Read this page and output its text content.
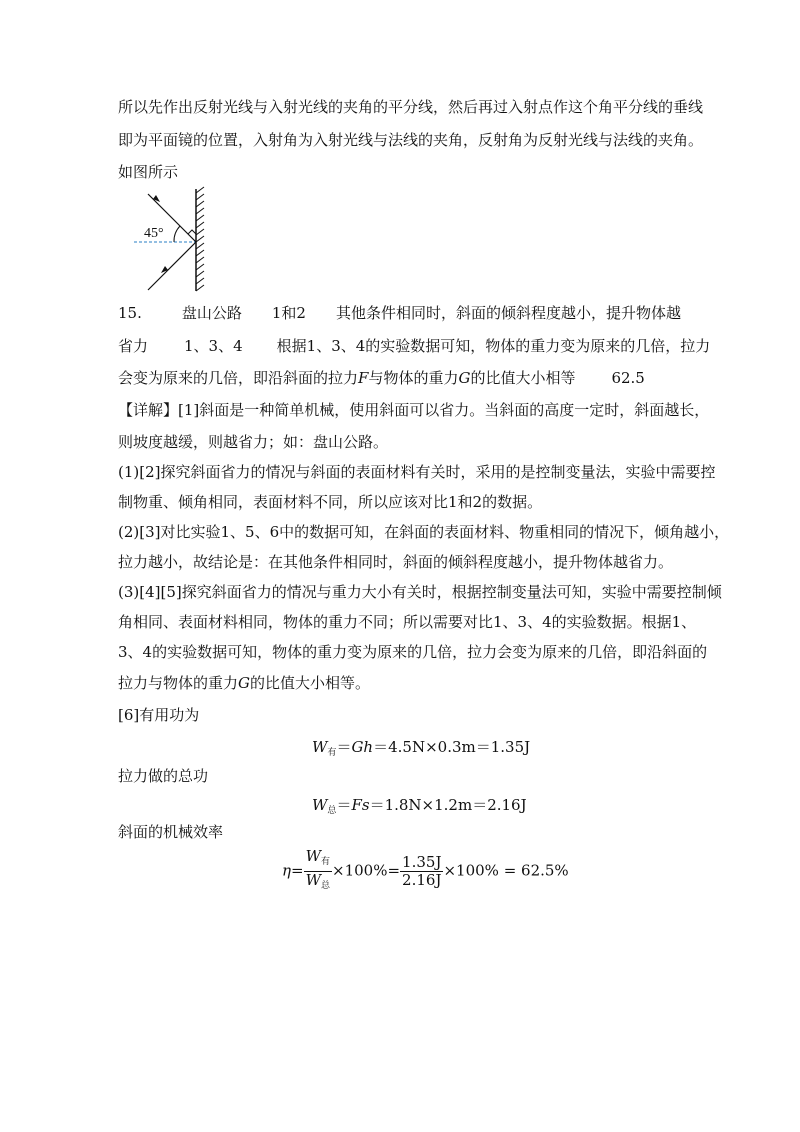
所以先作出反射光线与入射光线的夹角的平分线，然后再过入射点作这个角平分线的垂线
即为平面镜的位置，入射角为入射光线与法线的夹角，反射角为反射光线与法线的夹角。
如图所示
45°
15.	盘山公路 1和2 其他条件相同时，斜面的倾斜程度越小，提升物体越
省力 1、3、4 根据1、3、4的实验数据可知，物体的重力变为原来的几倍，拉力
会变为原来的几倍，即沿斜面的拉力F与物体的重力G的比值大小相等 62.5
【详解】[1]斜面是一种简单机械，使用斜面可以省力。当斜面的高度一定时，斜面越长，
则坡度越缓，则越省力；如：盘山公路。
(1)[2]探究斜面省力的情况与斜面的表面材料有关时，采用的是控制变量法，实验中需要控
制物重、倾角相同，表面材料不同，所以应该对比1和2的数据。
(2)[3]对比实验1、5、6中的数据可知，在斜面的表面材料、物重相同的情况下，倾角越小，
拉力越小，故结论是：在其他条件相同时，斜面的倾斜程度越小，提升物体越省力。
(3)[4][5]探究斜面省力的情况与重力大小有关时，根据控制变量法可知，实验中需要控制倾
角相同、表面材料相同，物体的重力不同；所以需要对比1、3、4的实验数据。根据1、
3、4的实验数据可知，物体的重力变为原来的几倍，拉力会变为原来的几倍，即沿斜面的
拉力与物体的重力G的比值大小相等。
[6]有用功为
$W_有=Gh=4.5N\times 0.3m=1.35J$
拉力做的总功
$W_总=Fs=1.8N\times 1.2m=2.16J$
斜面的机械效率
$\eta= \frac{W_有}{W_总} \times 100\%= \frac{1.35J}{2.16J} \times 100\% = 62.5\%$
